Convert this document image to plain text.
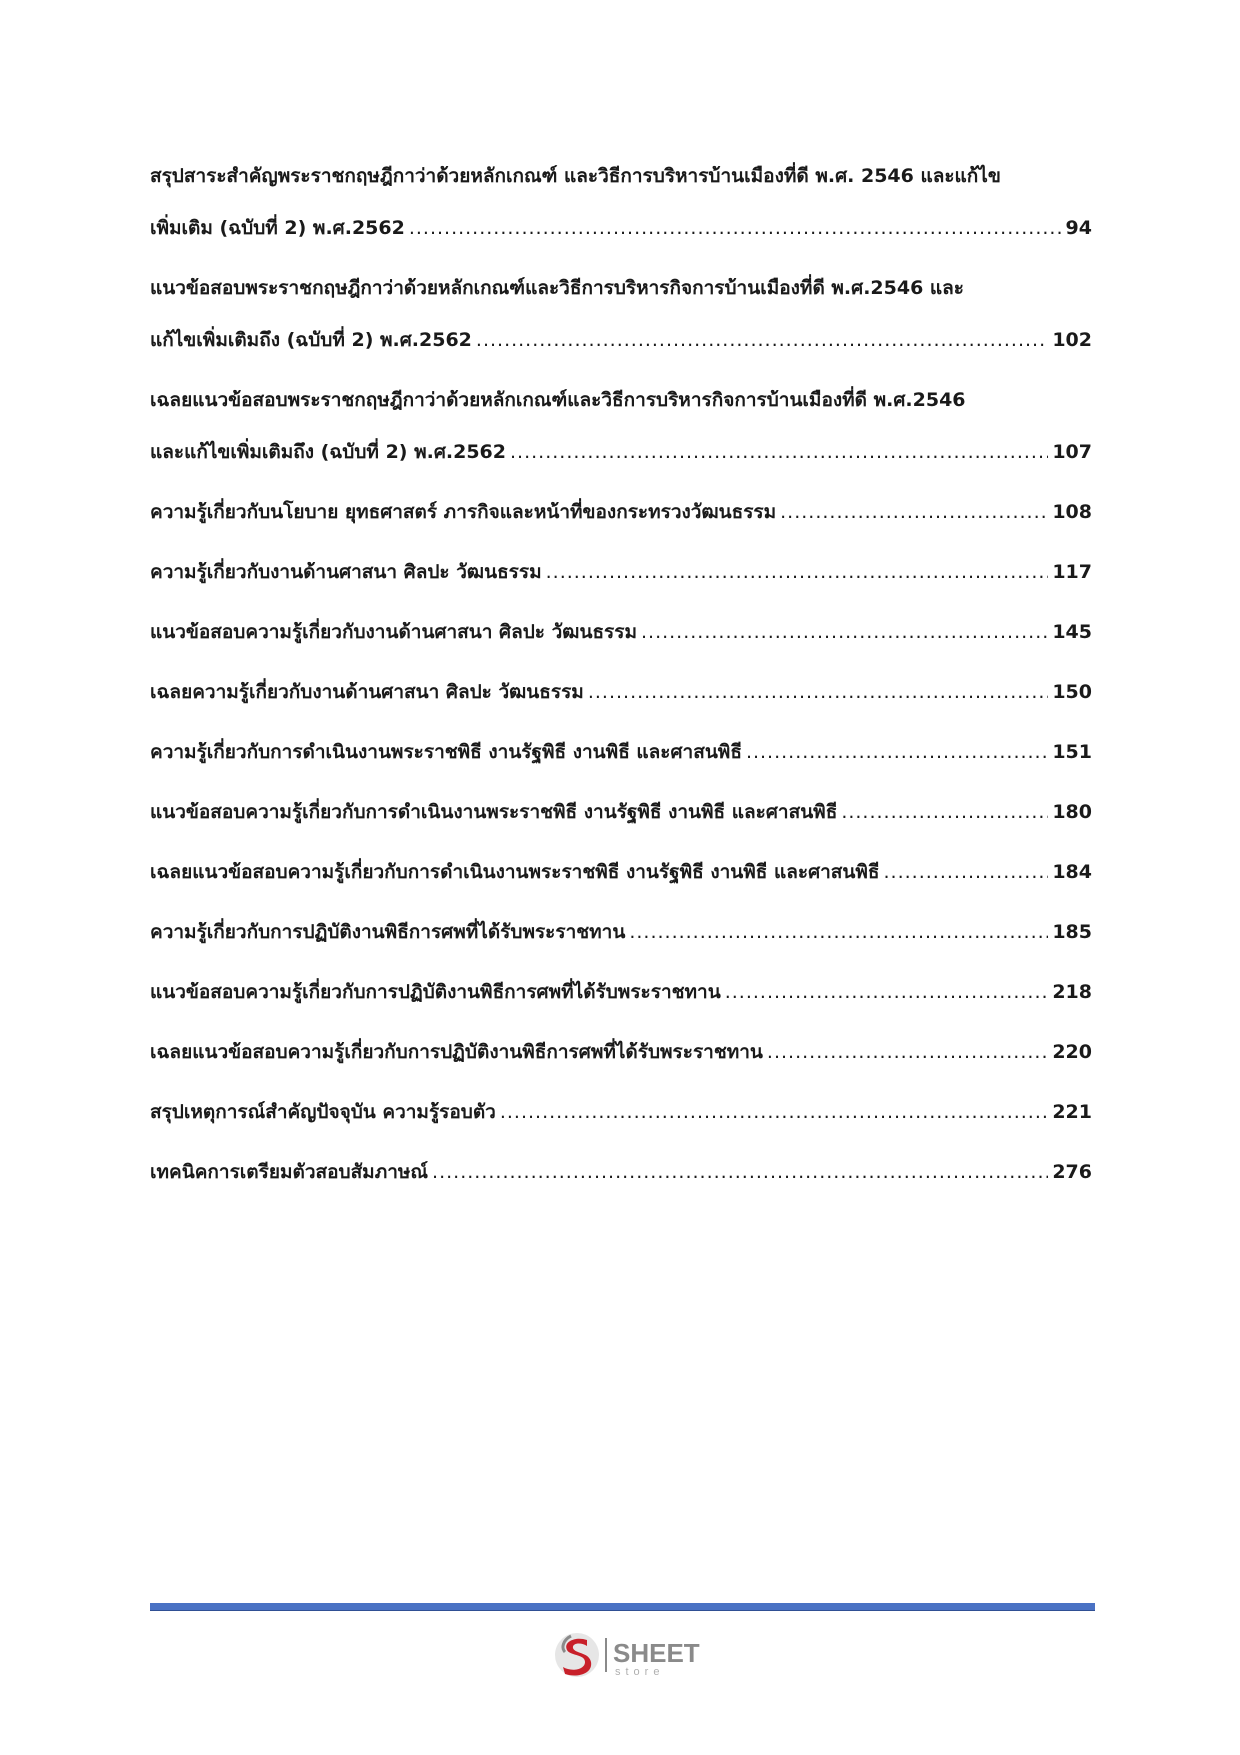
สรุปสาระสำคัญพระราชกฤษฎีกาว่าด้วยหลักเกณฑ์ และวิธีการบริหารบ้านเมืองที่ดี พ.ศ. 2546 และแก้ไข
เพิ่มเติม (ฉบับที่ 2) พ.ศ.2562 .....	94
แนวข้อสอบพระราชกฤษฎีกาว่าด้วยหลักเกณฑ์และวิธีการบริหารกิจการบ้านเมืองที่ดี พ.ศ.2546 และ
แก้ไขเพิ่มเติมถึง (ฉบับที่ 2) พ.ศ.2562 .....	102
เฉลยแนวข้อสอบพระราชกฤษฎีกาว่าด้วยหลักเกณฑ์และวิธีการบริหารกิจการบ้านเมืองที่ดี พ.ศ.2546
และแก้ไขเพิ่มเติมถึง (ฉบับที่ 2) พ.ศ.2562 .....	107
ความรู้เกี่ยวกับนโยบาย ยุทธศาสตร์ ภารกิจและหน้าที่ของกระทรวงวัฒนธรรม .....	108
ความรู้เกี่ยวกับงานด้านศาสนา ศิลปะ วัฒนธรรม .....	117
แนวข้อสอบความรู้เกี่ยวกับงานด้านศาสนา ศิลปะ วัฒนธรรม .....	145
เฉลยความรู้เกี่ยวกับงานด้านศาสนา ศิลปะ วัฒนธรรม .....	150
ความรู้เกี่ยวกับการดำเนินงานพระราชพิธี งานรัฐพิธี งานพิธี และศาสนพิธี .....	151
แนวข้อสอบความรู้เกี่ยวกับการดำเนินงานพระราชพิธี งานรัฐพิธี งานพิธี และศาสนพิธี .....	180
เฉลยแนวข้อสอบความรู้เกี่ยวกับการดำเนินงานพระราชพิธี งานรัฐพิธี งานพิธี และศาสนพิธี .....	184
ความรู้เกี่ยวกับการปฏิบัติงานพิธีการศพที่ได้รับพระราชทาน .....	185
แนวข้อสอบความรู้เกี่ยวกับการปฏิบัติงานพิธีการศพที่ได้รับพระราชทาน .....	218
เฉลยแนวข้อสอบความรู้เกี่ยวกับการปฏิบัติงานพิธีการศพที่ได้รับพระราชทาน .....	220
สรุปเหตุการณ์สำคัญปัจจุบัน ความรู้รอบตัว .....	221
เทคนิคการเตรียมตัวสอบสัมภาษณ์ .....	276
SHEET
store
